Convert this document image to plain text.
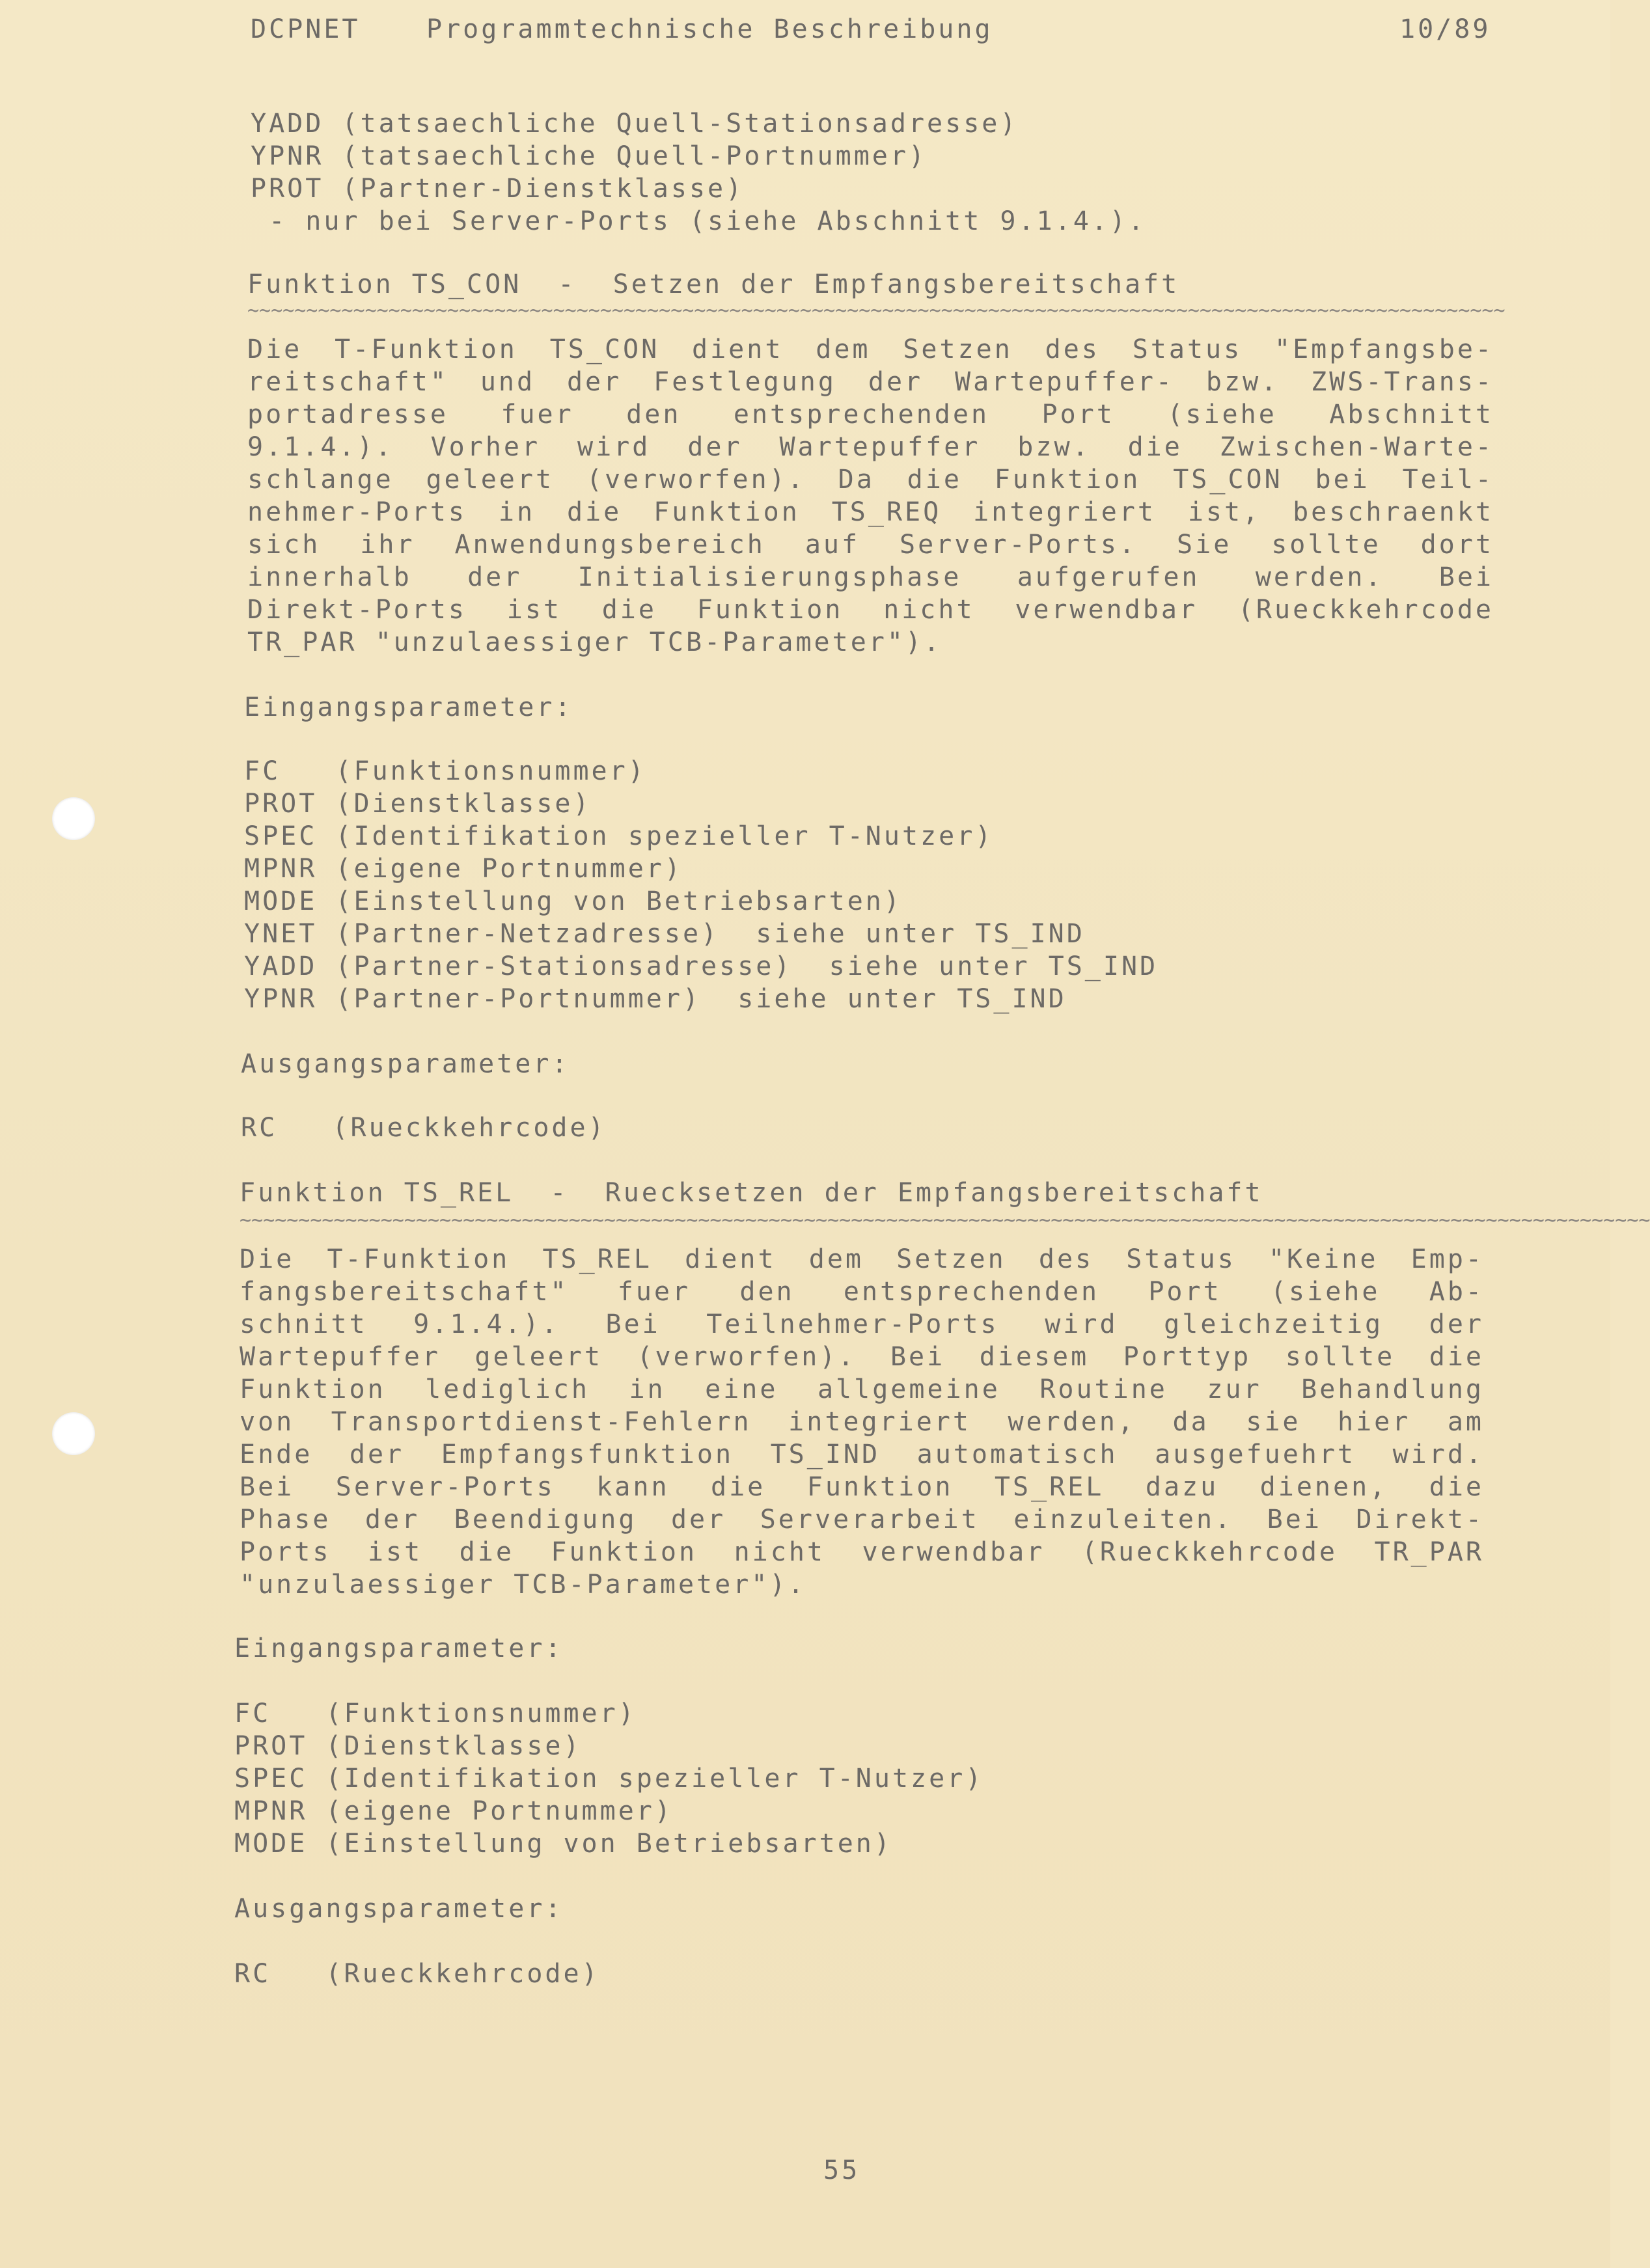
DCPNET	Programmtechnische Beschreibung	10/89
YADD (tatsaechliche Quell-Stationsadresse)
YPNR (tatsaechliche Quell-Portnummer)
PROT (Partner-Dienstklasse)
- nur bei Server-Ports (siehe Abschnitt 9.1.4.).
Funktion TS_CON  -  Setzen der Empfangsbereitschaft
~~~~~~~~~~~~~~~~~~~~~~~~~~~~~~~~~~~~~~~~~~~~~~~~~~~~~~~~~~~~~~~~~~~~~~~~~~~~~~~~~~~~~~~~~~~~~~~~~~~~~~~~~~~
Die T-Funktion TS_CON dient dem Setzen des Status "Empfangsbe-
reitschaft" und der Festlegung der Wartepuffer- bzw. ZWS-Trans-
portadresse fuer den entsprechenden Port (siehe Abschnitt
9.1.4.). Vorher wird der Wartepuffer bzw. die Zwischen-Warte-
schlange geleert (verworfen). Da die Funktion TS_CON bei Teil-
nehmer-Ports in die Funktion TS_REQ integriert ist, beschraenkt
sich ihr Anwendungsbereich auf Server-Ports. Sie sollte dort
innerhalb der Initialisierungsphase aufgerufen werden. Bei
Direkt-Ports ist die Funktion nicht verwendbar (Rueckkehrcode
TR_PAR "unzulaessiger TCB-Parameter").
Eingangsparameter:
FC   (Funktionsnummer)
PROT (Dienstklasse)
SPEC (Identifikation spezieller T-Nutzer)
MPNR (eigene Portnummer)
MODE (Einstellung von Betriebsarten)
YNET (Partner-Netzadresse)  siehe unter TS_IND
YADD (Partner-Stationsadresse)  siehe unter TS_IND
YPNR (Partner-Portnummer)  siehe unter TS_IND
Ausgangsparameter:
RC   (Rueckkehrcode)
Funktion TS_REL  -  Ruecksetzen der Empfangsbereitschaft
~~~~~~~~~~~~~~~~~~~~~~~~~~~~~~~~~~~~~~~~~~~~~~~~~~~~~~~~~~~~~~~~~~~~~~~~~~~~~~~~~~~~~~~~~~~~~~~~~~~~~~~~~~~~~~~~~~~~~~~~
Die T-Funktion TS_REL dient dem Setzen des Status "Keine Emp-
fangsbereitschaft" fuer den entsprechenden Port (siehe Ab-
schnitt 9.1.4.). Bei Teilnehmer-Ports wird gleichzeitig der
Wartepuffer geleert (verworfen). Bei diesem Porttyp sollte die
Funktion lediglich in eine allgemeine Routine zur Behandlung
von Transportdienst-Fehlern integriert werden, da sie hier am
Ende der Empfangsfunktion TS_IND automatisch ausgefuehrt wird.
Bei Server-Ports kann die Funktion TS_REL dazu dienen, die
Phase der Beendigung der Serverarbeit einzuleiten. Bei Direkt-
Ports ist die Funktion nicht verwendbar (Rueckkehrcode TR_PAR
"unzulaessiger TCB-Parameter").
Eingangsparameter:
FC   (Funktionsnummer)
PROT (Dienstklasse)
SPEC (Identifikation spezieller T-Nutzer)
MPNR (eigene Portnummer)
MODE (Einstellung von Betriebsarten)
Ausgangsparameter:
RC   (Rueckkehrcode)
55
